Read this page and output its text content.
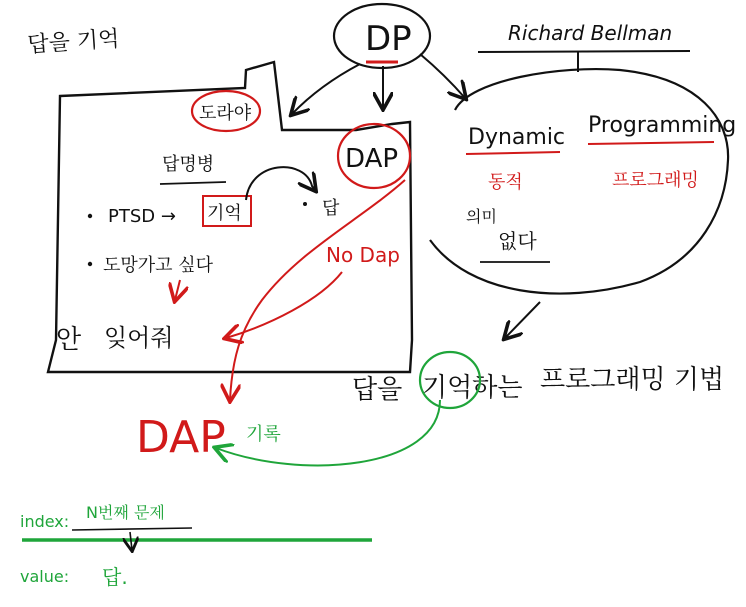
답을 기억	DP
도라야
DAP
답명병
PTSD → 기억	답
도망가고 싶다	No Dap
안 잊어줘
DAP 기록
Richard Bellman
Dynamic Programming
동적	프로그래밍
의미
없다
답을 기억하는 프로그래밍 기법
index: N번째 문제
value: 답.
